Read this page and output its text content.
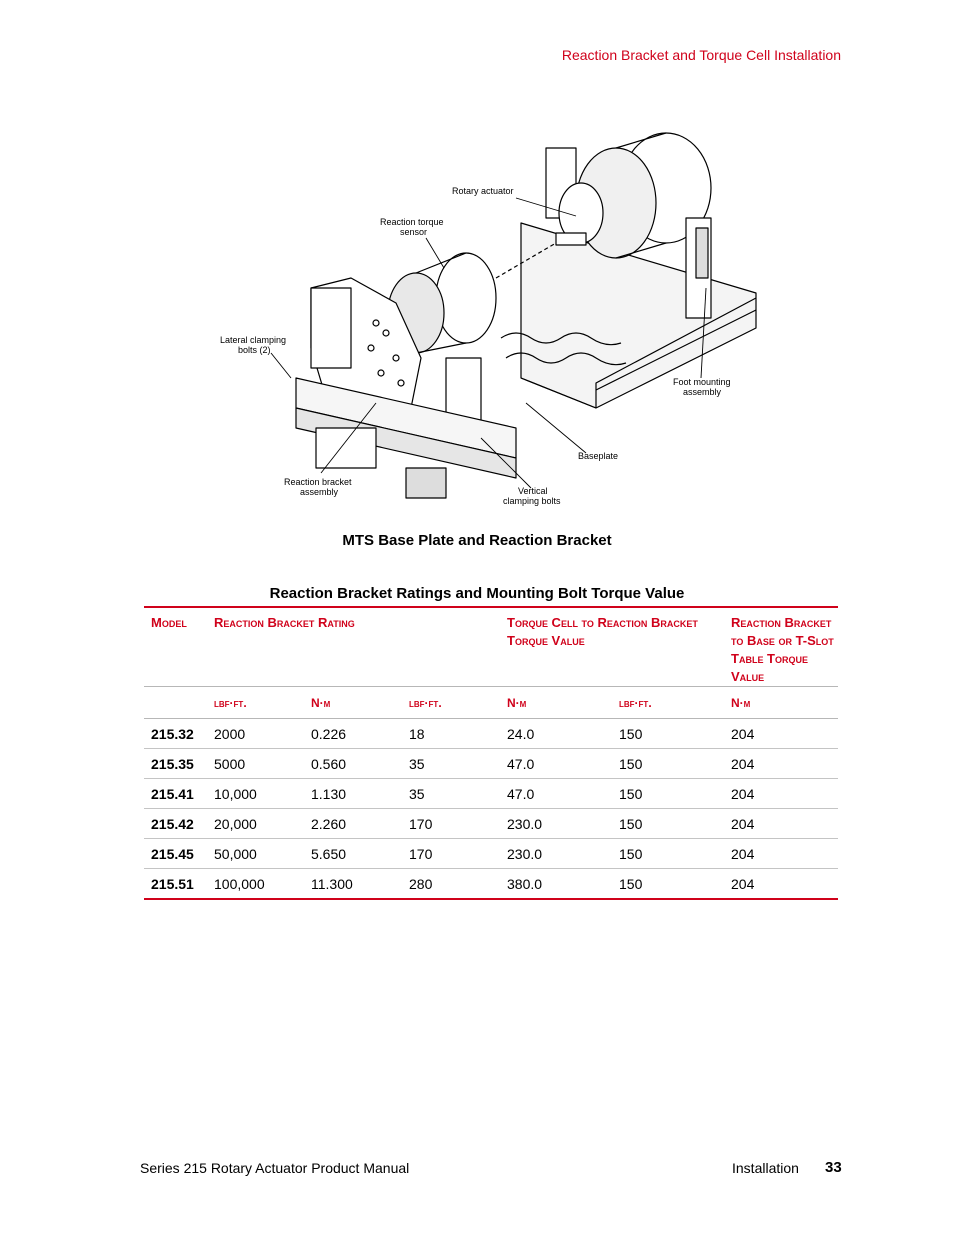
Reaction Bracket and Torque Cell Installation
Rotary actuator
Reaction torque
sensor
Lateral clamping
bolts (2)
Foot mounting
assembly
Baseplate
Reaction bracket
assembly	Vertical
clamping bolts
MTS Base Plate and Reaction Bracket
Reaction Bracket Ratings and Mounting Bolt Torque Value
Model	Reaction Bracket Rating			Torque Cell to Reaction Bracket Torque Value		Reaction Bracket to Base or T-Slot Table Torque Value
	lbf·ft.	N·m	lbf·ft.	N·m	lbf·ft.	N·m
215.32	2000	0.226	18	24.0	150	204
215.35	5000	0.560	35	47.0	150	204
215.41	10,000	1.130	35	47.0	150	204
215.42	20,000	2.260	170	230.0	150	204
215.45	50,000	5.650	170	230.0	150	204
215.51	100,000	11.300	280	380.0	150	204
Series 215 Rotary Actuator Product Manual	Installation 33
